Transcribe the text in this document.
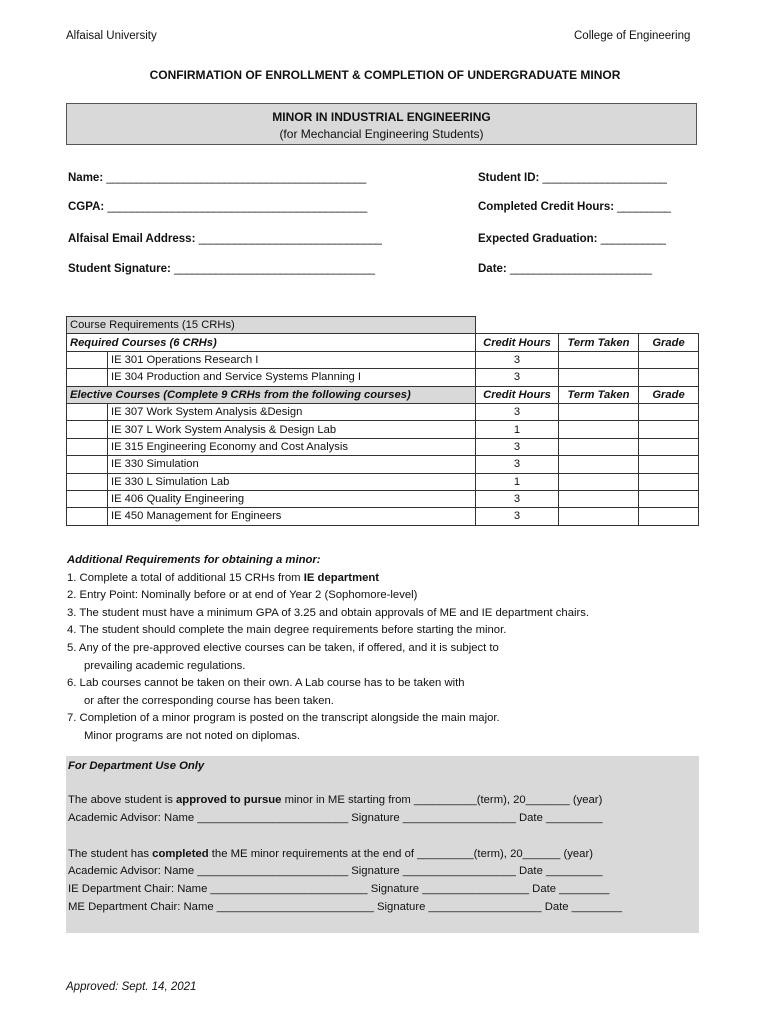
Alfaisal University	College of Engineering
CONFIRMATION OF ENROLLMENT & COMPLETION OF UNDERGRADUATE MINOR
MINOR IN INDUSTRIAL ENGINEERING
(for Mechancial Engineering Students)
Name: ____________________________________________	Student ID: _____________________
CGPA: ____________________________________________	Completed Credit Hours: _________
Alfaisal Email Address: _______________________________	Expected Graduation: ___________
Student Signature: __________________________________	Date: ________________________
Course Requirements (15 CRHs)				
Required Courses (6 CRHs)		Credit Hours	Term Taken	Grade
	IE 301 Operations Research I	3		
	IE 304 Production and Service Systems Planning I	3		
Elective Courses (Complete 9 CRHs from the following courses)		Credit Hours	Term Taken	Grade
	IE 307 Work System Analysis &Design	3		
	IE 307 L Work System Analysis & Design Lab	1		
	IE 315 Engineering Economy and Cost Analysis	3		
	IE 330 Simulation	3		
	IE 330 L Simulation Lab	1		
	IE 406 Quality Engineering	3		
	IE 450 Management for Engineers	3		
Additional Requirements for obtaining a minor:
1. Complete a total of additional 15 CRHs from IE department
2. Entry Point: Nominally before or at end of Year 2 (Sophomore-level)
3. The student must have a minimum GPA of 3.25 and obtain approvals of ME and IE department chairs.
4. The student should complete the main degree requirements before starting the minor.
5. Any of the pre-approved elective courses can be taken, if offered, and it is subject to
prevailing academic regulations.
6. Lab courses cannot be taken on their own. A Lab course has to be taken with
or after the corresponding course has been taken.
7. Completion of a minor program is posted on the transcript alongside the main major.
Minor programs are not noted on diplomas.
For Department Use Only
The above student is approved to pursue minor in ME starting from __________(term), 20_______ (year)
Academic Advisor: Name ________________________ Signature __________________ Date _________
The student has completed the ME minor requirements at the end of _________(term), 20______ (year)
Academic Advisor: Name ________________________ Signature __________________ Date _________
IE Department Chair: Name _________________________ Signature _________________ Date ________
ME Department Chair: Name _________________________ Signature __________________ Date ________
Approved: Sept. 14, 2021
